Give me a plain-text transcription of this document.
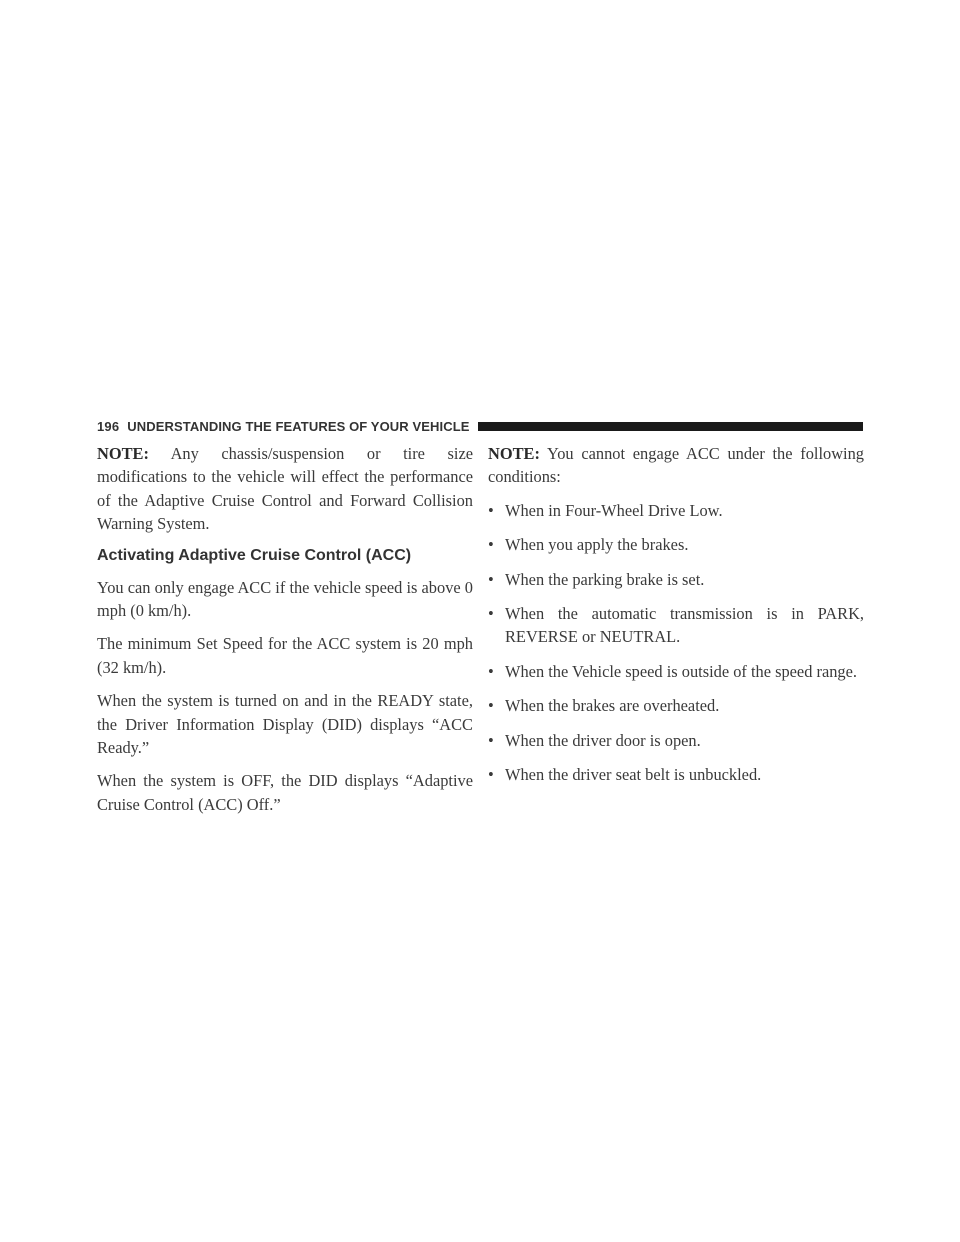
196 UNDERSTANDING THE FEATURES OF YOUR VEHICLE

NOTE: Any chassis/suspension or tire size modifications to the vehicle will effect the performance of the Adaptive Cruise Control and Forward Collision Warning System.

Activating Adaptive Cruise Control (ACC)

You can only engage ACC if the vehicle speed is above 0 mph (0 km/h).

The minimum Set Speed for the ACC system is 20 mph (32 km/h).

When the system is turned on and in the READY state, the Driver Information Display (DID) displays “ACC Ready.”

When the system is OFF, the DID displays “Adaptive Cruise Control (ACC) Off.”

NOTE: You cannot engage ACC under the following conditions:

• When in Four-Wheel Drive Low.
• When you apply the brakes.
• When the parking brake is set.
• When the automatic transmission is in PARK, REVERSE or NEUTRAL.
• When the Vehicle speed is outside of the speed range.
• When the brakes are overheated.
• When the driver door is open.
• When the driver seat belt is unbuckled.
